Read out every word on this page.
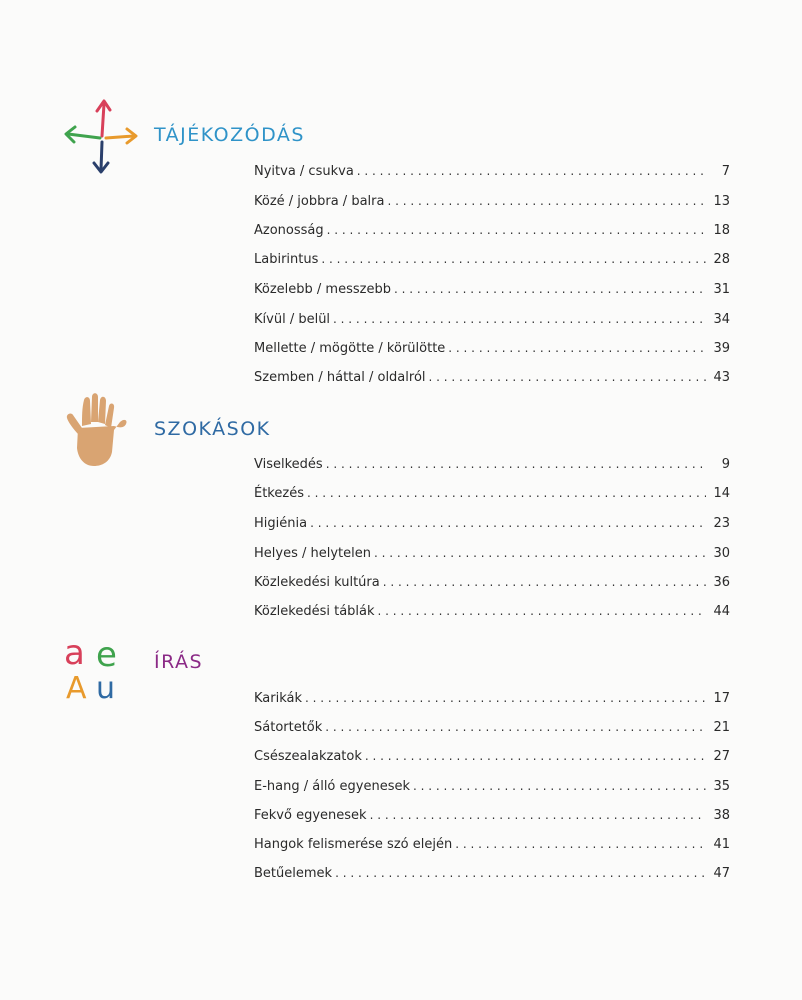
TÁJÉKOZÓDÁS
Nyitva / csukva . . .	7
Közé / jobbra / balra . . .	13
Azonosság . . .	18
Labirintus . . .	28
Közelebb / messzebb . . .	31
Kívül / belül . . .	34
Mellette / mögötte / körülötte . . .	39
Szemben / háttal / oldalról . . .	43
SZOKÁSOK
Viselkedés . . .	9
Étkezés . . .	14
Higiénia . . .	23
Helyes / helytelen . . .	30
Közlekedési kultúra . . .	36
Közlekedési táblák . . .	44
a e
A u
ÍRÁS
Karikák . . .	17
Sátortetők . . .	21
Csészealakzatok . . .	27
E-hang / álló egyenesek . . .	35
Fekvő egyenesek . . .	38
Hangok felismerése szó elején . . .	41
Betűelemek . . .	47
